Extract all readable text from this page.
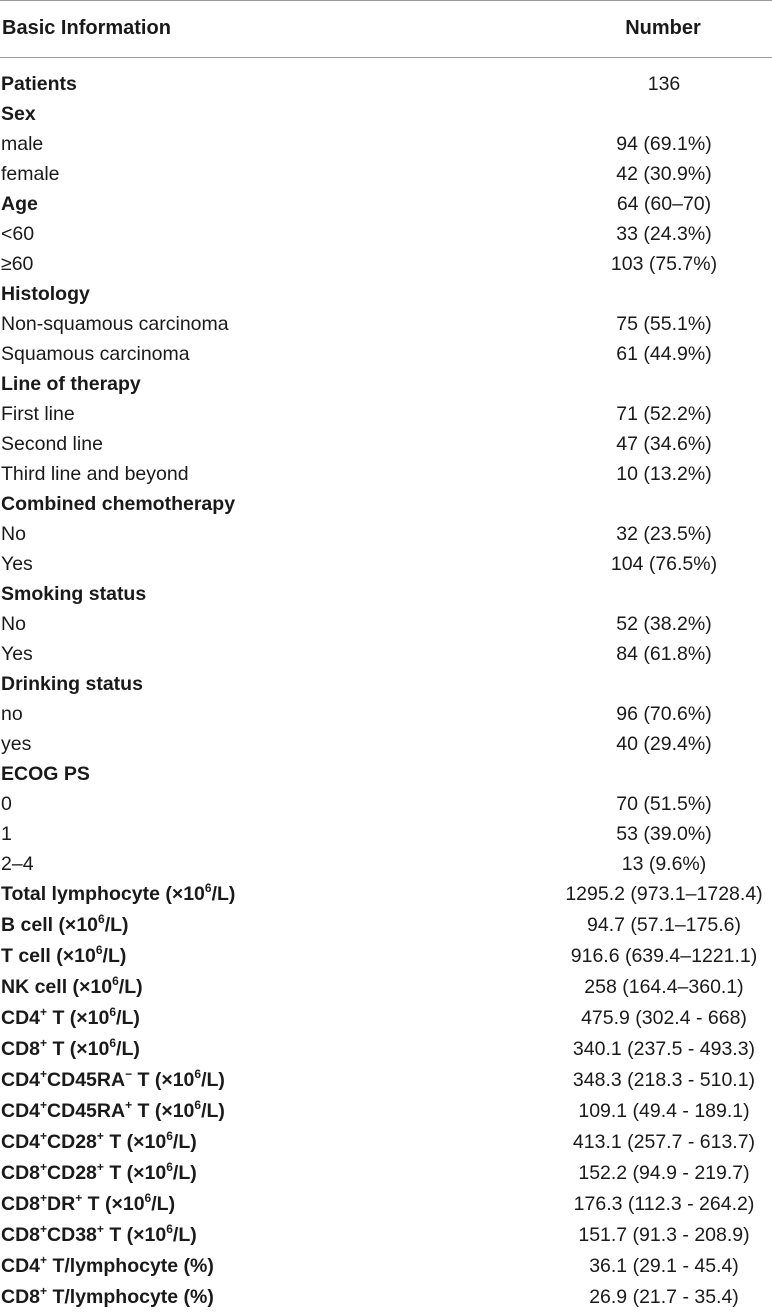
Basic Information	Number
Patients	136
Sex
male	94 (69.1%)
female	42 (30.9%)
Age	64 (60–70)
<60	33 (24.3%)
≥60	103 (75.7%)
Histology
Non-squamous carcinoma	75 (55.1%)
Squamous carcinoma	61 (44.9%)
Line of therapy
First line	71 (52.2%)
Second line	47 (34.6%)
Third line and beyond	10 (13.2%)
Combined chemotherapy
No	32 (23.5%)
Yes	104 (76.5%)
Smoking status
No	52 (38.2%)
Yes	84 (61.8%)
Drinking status
no	96 (70.6%)
yes	40 (29.4%)
ECOG PS
0	70 (51.5%)
1	53 (39.0%)
2–4	13 (9.6%)
Total lymphocyte $(\times 10^6/L)$	1295.2 (973.1–1728.4)
B cell $(\times 10^6/L)$	94.7 (57.1–175.6)
T cell $(\times 10^6/L)$	916.6 (639.4–1221.1)
NK cell $(\times 10^6/L)$	258 (164.4–360.1)
CD4+ T $(\times 10^6/L)$	475.9 (302.4 - 668)
CD8+ T $(\times 10^6/L)$	340.1 (237.5 - 493.3)
CD4+CD45RA− T $(\times 10^6/L)$	348.3 (218.3 - 510.1)
CD4+CD45RA+ T $(\times 10^6/L)$	109.1 (49.4 - 189.1)
CD4+CD28+ T $(\times 10^6/L)$	413.1 (257.7 - 613.7)
CD8+CD28+ T $(\times 10^6/L)$	152.2 (94.9 - 219.7)
CD8+DR+ T $(\times 10^6/L)$	176.3 (112.3 - 264.2)
CD8+CD38+ T $(\times 10^6/L)$	151.7 (91.3 - 208.9)
CD4+ T/lymphocyte (%)	36.1 (29.1 - 45.4)
CD8+ T/lymphocyte (%)	26.9 (21.7 - 35.4)
